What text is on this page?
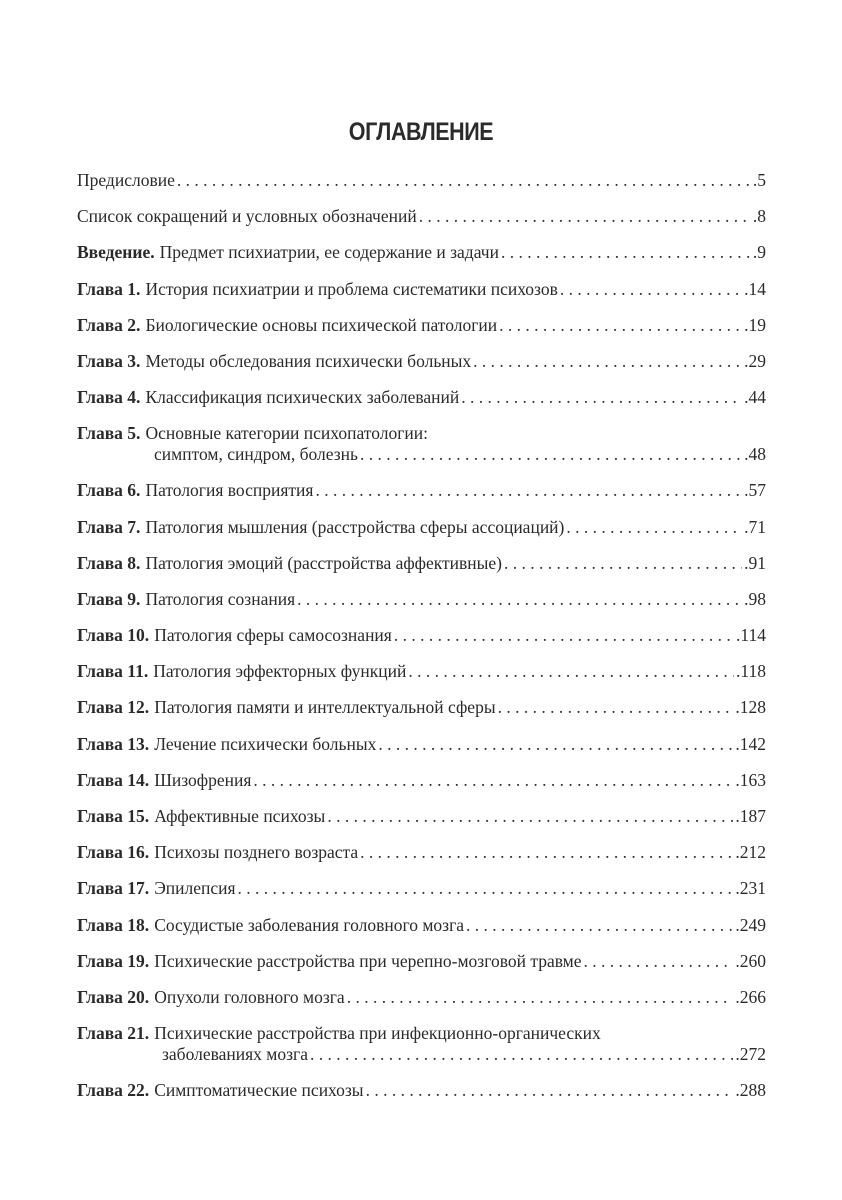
ОГЛАВЛЕНИЕ
Предисловие . . .	.5
Список сокращений и условных обозначений . . .	.8
Введение. Предмет психиатрии, ее содержание и задачи . . .	.9
Глава 1. История психиатрии и проблема систематики психозов . . .	.14
Глава 2. Биологические основы психической патологии . . .	.19
Глава 3. Методы обследования психически больных . . .	.29
Глава 4. Классификация психических заболеваний . . .	.44
Глава 5. Основные категории психопатологии:
симптом, синдром, болезнь . . .	.48
Глава 6. Патология восприятия . . .	.57
Глава 7. Патология мышления (расстройства сферы ассоциаций) . . .	.71
Глава 8. Патология эмоций (расстройства аффективные) . . .	.91
Глава 9. Патология сознания . . .	.98
Глава 10. Патология сферы самосознания . . .	.114
Глава 11. Патология эффекторных функций . . .	.118
Глава 12. Патология памяти и интеллектуальной сферы . . .	.128
Глава 13. Лечение психически больных . . .	.142
Глава 14. Шизофрения . . .	.163
Глава 15. Аффективные психозы . . .	.187
Глава 16. Психозы позднего возраста . . .	.212
Глава 17. Эпилепсия . . .	.231
Глава 18. Сосудистые заболевания головного мозга . . .	.249
Глава 19. Психические расстройства при черепно-мозговой травме . . .	.260
Глава 20. Опухоли головного мозга . . .	.266
Глава 21. Психические расстройства при инфекционно-органических
заболеваниях мозга . . .	.272
Глава 22. Симптоматические психозы . . .	.288
